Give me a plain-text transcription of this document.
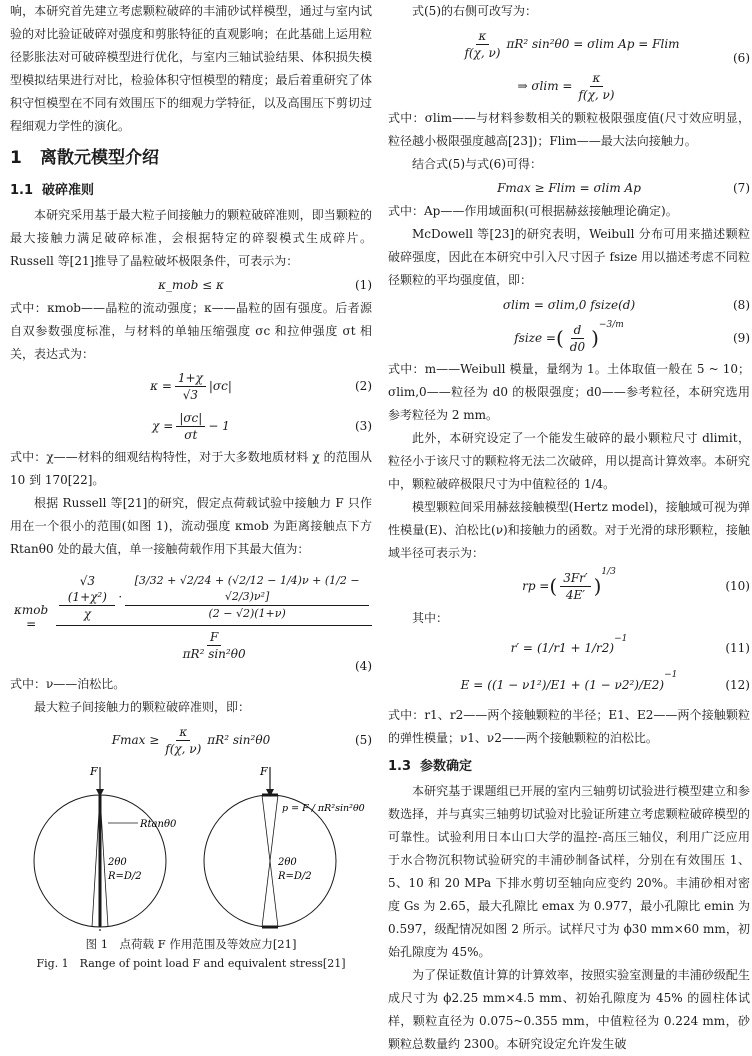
响，本研究首先建立考虑颗粒破碎的丰浦砂试样模型，通过与室内试验的对比验证破碎对强度和剪胀特征的直观影响；在此基础上运用粒径影胀法对可破碎模型进行优化，与室内三轴试验结果、体积损失模型模拟结果进行对比，检验体积守恒模型的精度；最后着重研究了体积守恒模型在不同有效围压下的细观力学特征，以及高围压下剪切过程细观力学性的演化。

1 离散元模型介绍
1.1 破碎准则

本研究采用基于最大粒子间接触力的颗粒破碎准则，即当颗粒的最大接触力满足破碎标准，会根据特定的碎裂模式生成碎片。Russell 等[21]推导了晶粒破坏极限条件，可表示为：

κ_mob ≤ κ	(1)

式中：κmob——晶粒的流动强度；κ——晶粒的固有强度。后者源自双参数强度标准，与材料的单轴压缩强度 σc 和拉伸强度 σt 相关，表达式为：

$\kappa = \frac{1+\chi}{√3} |\sigma c|$	(2)
$\chi = \frac{|\sigma c|}{\sigma t} - 1$	(3)

式中：χ——材料的细观结构特性，对于大多数地质材料 χ 的范围从 10 到 170[22]。

根据 Russell 等[21]的研究，假定点荷载试验中接触力 F 只作用在一个很小的范围(如图 1)，流动强度 κmob 为距离接触点下方 Rtanθ0 处的最大值，单一接触荷载作用下其最大值为：

κmob =
$\frac{\text{√3 (1+χ²)}}{\chi} \cdot \frac{\text{[3/32 + √2/24 + (√2/12 − 1/4)ν + (1/2 − √2/3)ν²]}}{(2 - √2)(1+\nu)}$
$\frac{F}{\text{πR² sin²θ0}}$
(4)

式中：ν——泊松比。

最大粒子间接触力的颗粒破碎准则，即：

$Fmax \ge \frac{\kappa}{f(\chi, \nu)} \pi R^2$ sin²θ0	(5)
F
Rtanθ0
2θ0
R=D/2
F
p = F / πR²sin²θ0
2θ0
R=D/2
图 1　点荷载 F 作用范围及等效应力[21]
Fig. 1　Range of point load F and equivalent stress[21]

式(5)的右侧可改写为：

$\frac{\kappa}{f(\chi, \nu)} \pi R^2$ sin²θ0 = σlim Ap = Flim
⇒ $\sigma\lim = \frac{\kappa}{f(\chi, \nu)}$
(6)

式中：σlim——与材料参数相关的颗粒极限强度值(尺寸效应明显，粒径越小极限强度越高[23])；Flim——最大法向接触力。

结合式(5)与式(6)可得：

Fmax ≥ Flim = σlim Ap	(7)

式中：Ap——作用域面积(可根据赫兹接触理论确定)。

McDowell 等[23]的研究表明，Weibull 分布可用来描述颗粒破碎强度，因此在本研究中引入尺寸因子 fsize 用以描述考虑不同粒径颗粒的平均强度值，即：

σlim = σlim,0 fsize(d)	(8)
fsize = ( $\frac{d}{d0}$ )
$^{-3/m}$
(9)

式中：m——Weibull 模量，量纲为 1。土体取值一般在 5 ~ 10；σlim,0——粒径为 d0 的极限强度；d0——参考粒径，本研究选用参考粒径为 2 mm。

此外，本研究设定了一个能发生破碎的最小颗粒尺寸 dlimit，粒径小于该尺寸的颗粒将无法二次破碎，用以提高计算效率。本研究中，颗粒破碎极限尺寸为中值粒径的 1/4。

模型颗粒间采用赫兹接触模型(Hertz model)，接触域可视为弹性模量(E)、泊松比(ν)和接触力的函数。对于光滑的球形颗粒，接触域半径可表示为：

rp = ( $\frac{3Fr'}{4E'}$ )
$^{1/3}$
(10)

其中：

r′ = (1/r1 + 1/r2)
$^{-1}$
(11)
E = ((1 − ν1²)/E1 + (1 − ν2²)/E2)
$^{-1}$
(12)

式中：r1、r2——两个接触颗粒的半径；E1、E2——两个接触颗粒的弹性模量；ν1、ν2——两个接触颗粒的泊松比。

1.3 参数确定

本研究基于课题组已开展的室内三轴剪切试验进行模型建立和参数选择，并与真实三轴剪切试验对比验证所建立考虑颗粒破碎模型的可靠性。试验利用日本山口大学的温控-高压三轴仪，利用广泛应用于水合物沉积物试验研究的丰浦砂制备试样，分别在有效围压 1、5、10 和 20 MPa 下排水剪切至轴向应变约 20%。丰浦砂相对密度 Gs 为 2.65，最大孔隙比 emax 为 0.977，最小孔隙比 emin 为 0.597，级配情况如图 2 所示。试样尺寸为 ϕ30 mm×60 mm，初始孔隙度为 45%。

为了保证数值计算的计算效率，按照实验室测量的丰浦砂级配生成尺寸为 ϕ2.25 mm×4.5 mm、初始孔隙度为 45% 的圆柱体试样，颗粒直径为 0.075~0.355 mm，中值粒径为 0.224 mm，砂颗粒总数量约 2300。本研究设定允许发生破
